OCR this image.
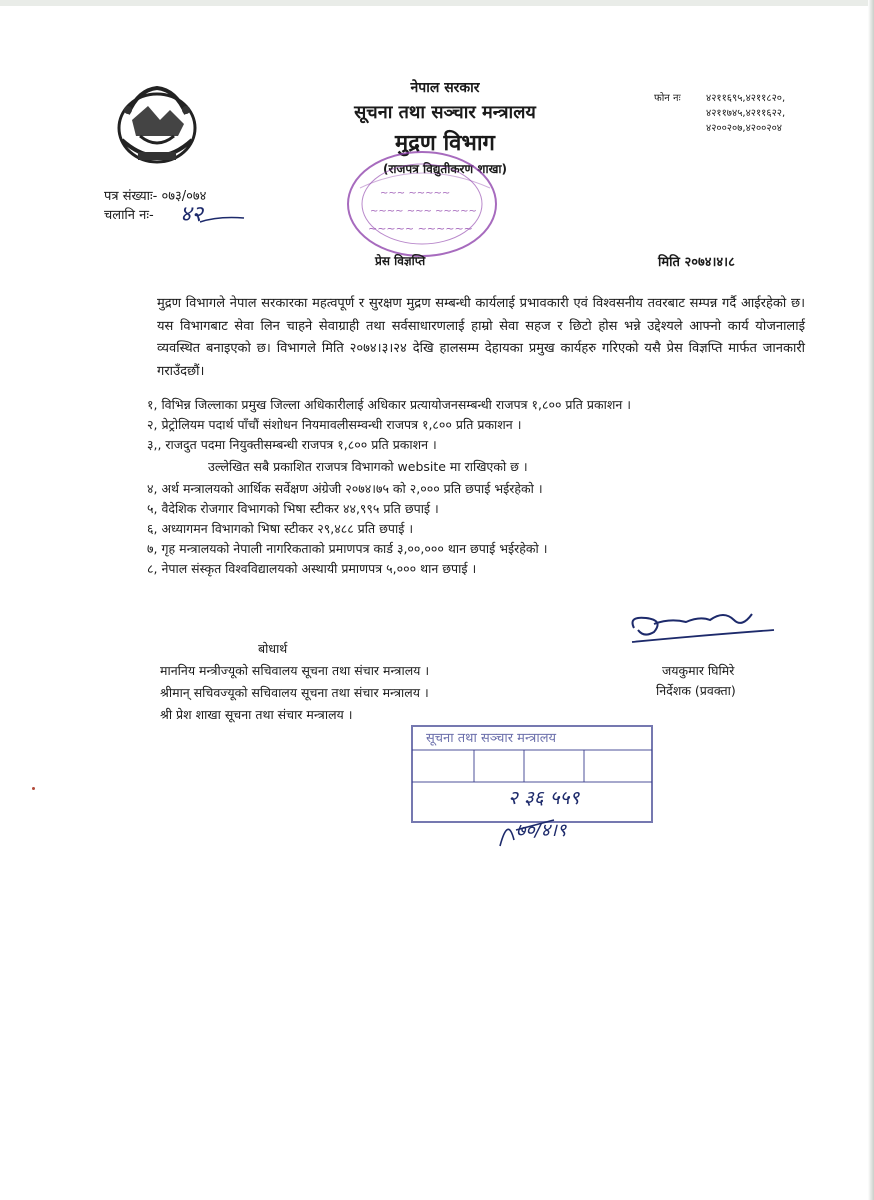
नेपाल सरकार
सूचना तथा सञ्चार मन्त्रालय
मुद्रण विभाग
(राजपत्र विद्युतीकरण शाखा)
फोन नः	४२११६९५,४२११८२०,
४२११७४५,४२११६२२,
४२००२०७,४२००२०४
पत्र संख्याः- ०७३/०७४
चलानि नः- ४२
~~~ ~~~~~
~~~~ ~~~ ~~~~~
~~~~~ ~~~~~~
प्रेस विज्ञप्ति	मिति २०७४।४।८
मुद्रण विभागले नेपाल सरकारका महत्वपूर्ण र सुरक्षण मुद्रण सम्बन्धी कार्यलाई प्रभावकारी एवं विश्वसनीय तवरबाट सम्पन्न गर्दै आईरहेको छ। यस विभागबाट सेवा लिन चाहने सेवाग्राही तथा सर्वसाधारणलाई हाम्रो सेवा सहज र छिटो होस भन्ने उद्देश्यले आफ्नो कार्य योजनालाई व्यवस्थित बनाइएको छ। विभागले मिति २०७४।३।२४ देखि हालसम्म देहायका प्रमुख कार्यहरु गरिएको यसै प्रेस विज्ञप्ति मार्फत जानकारी गराउँदछौं।
१, विभिन्न जिल्लाका प्रमुख जिल्ला अधिकारीलाई अधिकार प्रत्यायोजनसम्बन्धी राजपत्र १,८०० प्रति प्रकाशन ।
२, प्रेट्रोलियम पदार्थ पाँचौं संशोधन नियमावलीसम्वन्धी राजपत्र १,८०० प्रति प्रकाशन ।
३,, राजदुत पदमा नियुक्तीसम्बन्धी राजपत्र १,८०० प्रति प्रकाशन ।
उल्लेखित सबै प्रकाशित राजपत्र विभागको website मा राखिएको छ ।
४, अर्थ मन्त्रालयको आर्थिक सर्वेक्षण अंग्रेजी २०७४।७५ को २,००० प्रति छपाई भईरहेको ।
५, वैदेशिक रोजगार विभागको भिषा स्टीकर ४४,९९५ प्रति छपाई ।
६, अध्यागमन विभागको भिषा स्टीकर २९,४८८ प्रति छपाई ।
७, गृह मन्त्रालयको नेपाली नागरिकताको प्रमाणपत्र कार्ड ३,००,००० थान छपाई भईरहेको ।
८, नेपाल संस्कृत विश्वविद्यालयको अस्थायी प्रमाणपत्र ५,००० थान छपाई ।
बोधार्थ
माननिय मन्त्रीज्यूको सचिवालय सूचना तथा संचार मन्त्रालय ।
श्रीमान् सचिवज्यूको सचिवालय सूचना तथा संचार मन्त्रालय ।
श्री प्रेश शाखा सूचना तथा संचार मन्त्रालय ।
जयकुमार घिमिरे
निर्देशक (प्रवक्ता)
सूचना तथा सञ्चार मन्त्रालय
२ ३६ ५५९
७०/४।९
